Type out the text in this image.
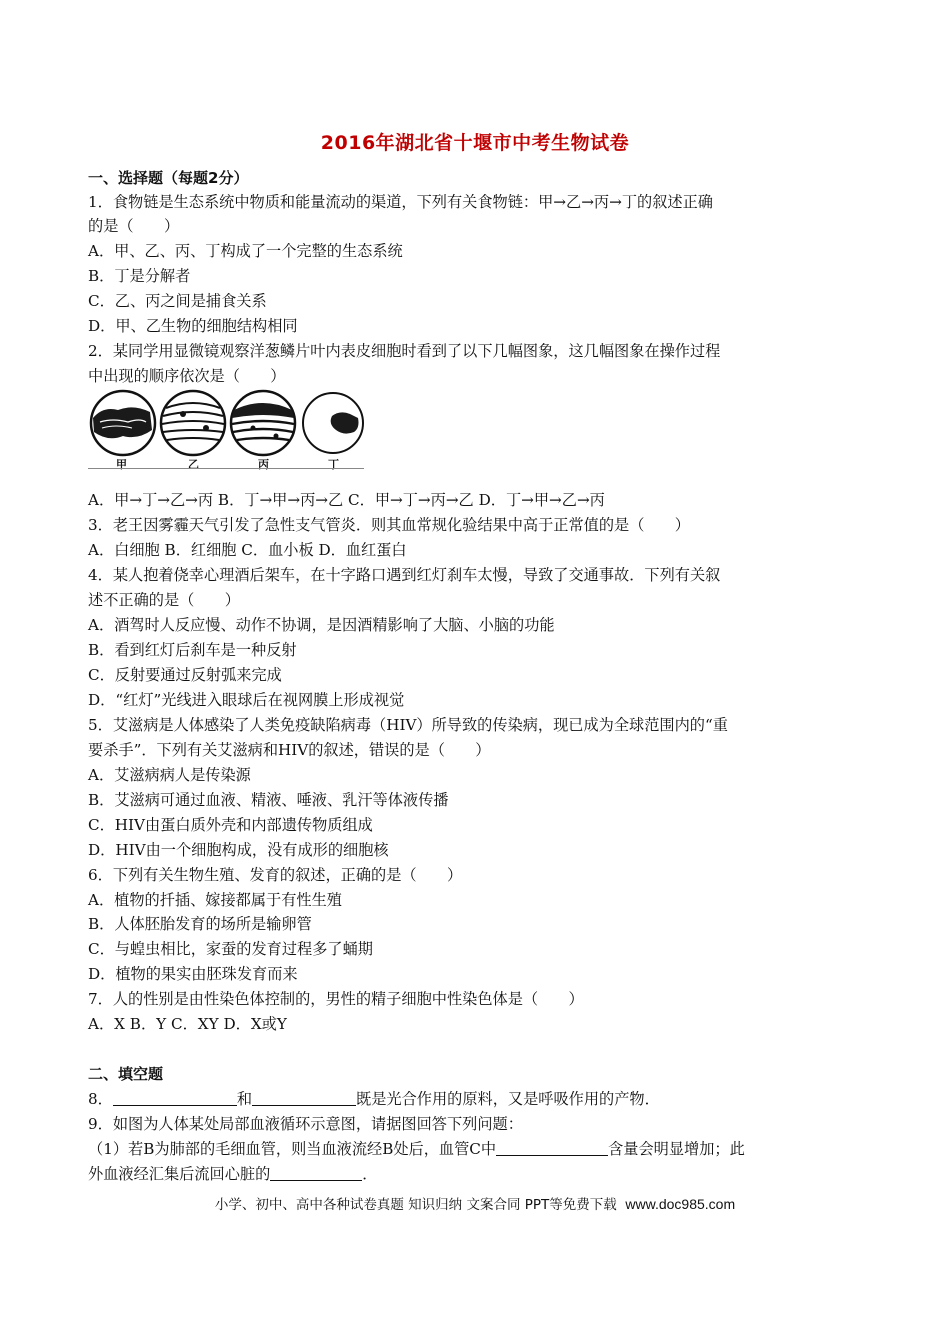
2016年湖北省十堰市中考生物试卷
一、选择题（每题2分）
1．食物链是生态系统中物质和能量流动的渠道，下列有关食物链：甲→乙→丙→丁的叙述正确
的是（　　）
A．甲、乙、丙、丁构成了一个完整的生态系统
B．丁是分解者
C．乙、丙之间是捕食关系
D．甲、乙生物的细胞结构相同
2．某同学用显微镜观察洋葱鳞片叶内表皮细胞时看到了以下几幅图象，这几幅图象在操作过程
中出现的顺序依次是（　　）
甲	乙	丙	丁
A．甲→丁→乙→丙 B．丁→甲→丙→乙 C．甲→丁→丙→乙 D．丁→甲→乙→丙
3．老王因雾霾天气引发了急性支气管炎．则其血常规化验结果中高于正常值的是（　　）
A．白细胞 B．红细胞 C．血小板 D．血红蛋白
4．某人抱着侥幸心理酒后架车，在十字路口遇到红灯刹车太慢，导致了交通事故．下列有关叙
述不正确的是（　　）
A．酒驾时人反应慢、动作不协调，是因酒精影响了大脑、小脑的功能
B．看到红灯后刹车是一种反射
C．反射要通过反射弧来完成
D．“红灯”光线进入眼球后在视网膜上形成视觉
5．艾滋病是人体感染了人类免疫缺陷病毒（HIV）所导致的传染病，现已成为全球范围内的“重
要杀手”．下列有关艾滋病和HIV的叙述，错误的是（　　）
A．艾滋病病人是传染源
B．艾滋病可通过血液、精液、唾液、乳汗等体液传播
C．HIV由蛋白质外壳和内部遗传物质组成
D．HIV由一个细胞构成，没有成形的细胞核
6．下列有关生物生殖、发育的叙述，正确的是（　　）
A．植物的扦插、嫁接都属于有性生殖
B．人体胚胎发育的场所是输卵管
C．与蝗虫相比，家蚕的发育过程多了蛹期
D．植物的果实由胚珠发育而来
7．人的性别是由性染色体控制的，男性的精子细胞中性染色体是（　　）
A．X B．Y C．XY D．X或Y
二、填空题
8．	和	既是光合作用的原料，又是呼吸作用的产物．
9．如图为人体某处局部血液循环示意图，请据图回答下列问题：
（1）若B为肺部的毛细血管，则当血液流经B处后，血管C中	含量会明显增加；此
外血液经汇集后流回心脏的	．
小学、初中、高中各种试卷真题 知识归纳 文案合同 PPT等免费下载 www.doc985.com
